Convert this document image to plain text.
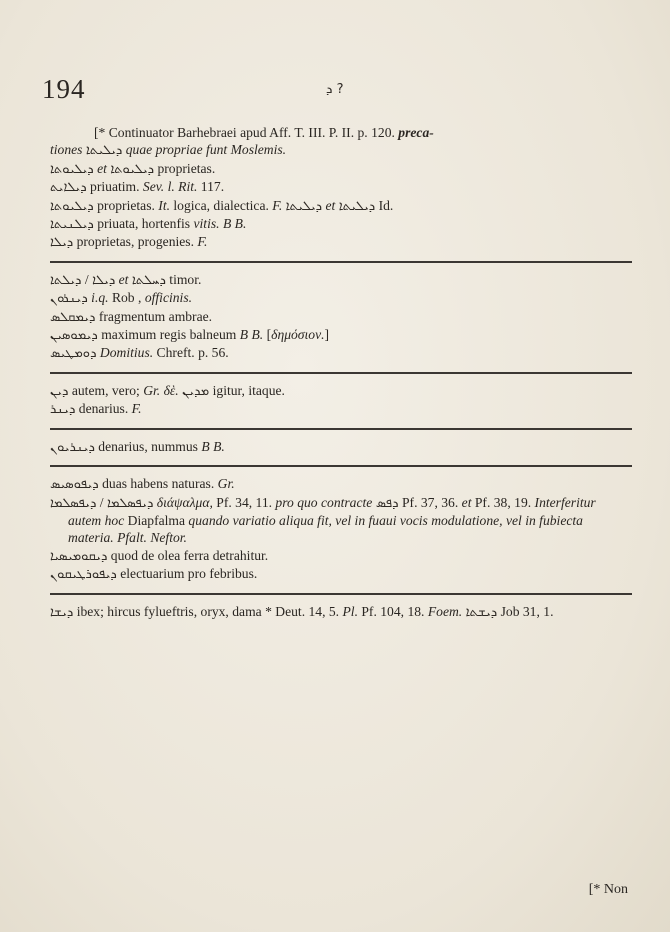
194	ܕ ?
[* Continuator Barhebraei apud Aff. T. III. P. II. p. 120. preca-
tiones ܕܝܠܝܬܐ quae propriae funt Moslemis.
ܕܝܠܝܘܬܐ et ܕܝܠܝܘܬܐ proprietas.
ܕܝܠܐܝܬ priuatim. Sev. l. Rit. 117.
ܕܝܠܝܘܬܐ proprietas. It. logica, dialectica. F. ܕܝܠܝܬܐ et ܕܝܠܝܬܐ Id.
ܕܝܠܢܝܬܐ priuata, hortenfis vitis. B B.
ܕܝܠܐ proprietas, progenies. F.
ܕܝܠܐ / ܕܝܠܬܐ et ܕܚܠܬܐ timor.
ܕܝܢܪܘܢ i.q. Rob , officinis.
ܕܝܡܩܠܣ fragmentum ambrae.
ܕܝܡܘܣܝܢ maximum regis balneum B B. [δημόσιον.]
ܕܘܡܛܝܣ Domitius. Chreft. p. 56.
ܕܝܢ autem, vero; Gr. δὲ. ܡܕܝܢ igitur, itaque.
ܕܝܢܪ denarius. F.
ܕܝܢܪܝܘܢ denarius, nummus B B.
ܕܝܦܘܣܝܣ duas habens naturas. Gr.
ܕܝܦܣܠܡܐ / ܕܝܦܣܠܡܐ	διάψαλμα, Pf. 34, 11. pro quo contracte ܕܦܣ Pf. 37, 36. et Pf. 38, 19. Interferitur autem hoc Diapfalma quando variatio aliqua fit, vel in fuaui vocis modulatione, vel in fubiecta materia. Pfalt. Neftor.
ܕܝܩܘܡܝܣܝܐ quod de olea ferra detrahitur.
ܕܝܦܘܪܛܝܩܘܢ electuarium pro febribus.
ܕܝܫܐ ibex; hircus fylueftris, oryx, dama * Deut. 14, 5. Pl. Pf. 104, 18. Foem. ܕܝܫܬܐ Job 31, 1.
[* Non
